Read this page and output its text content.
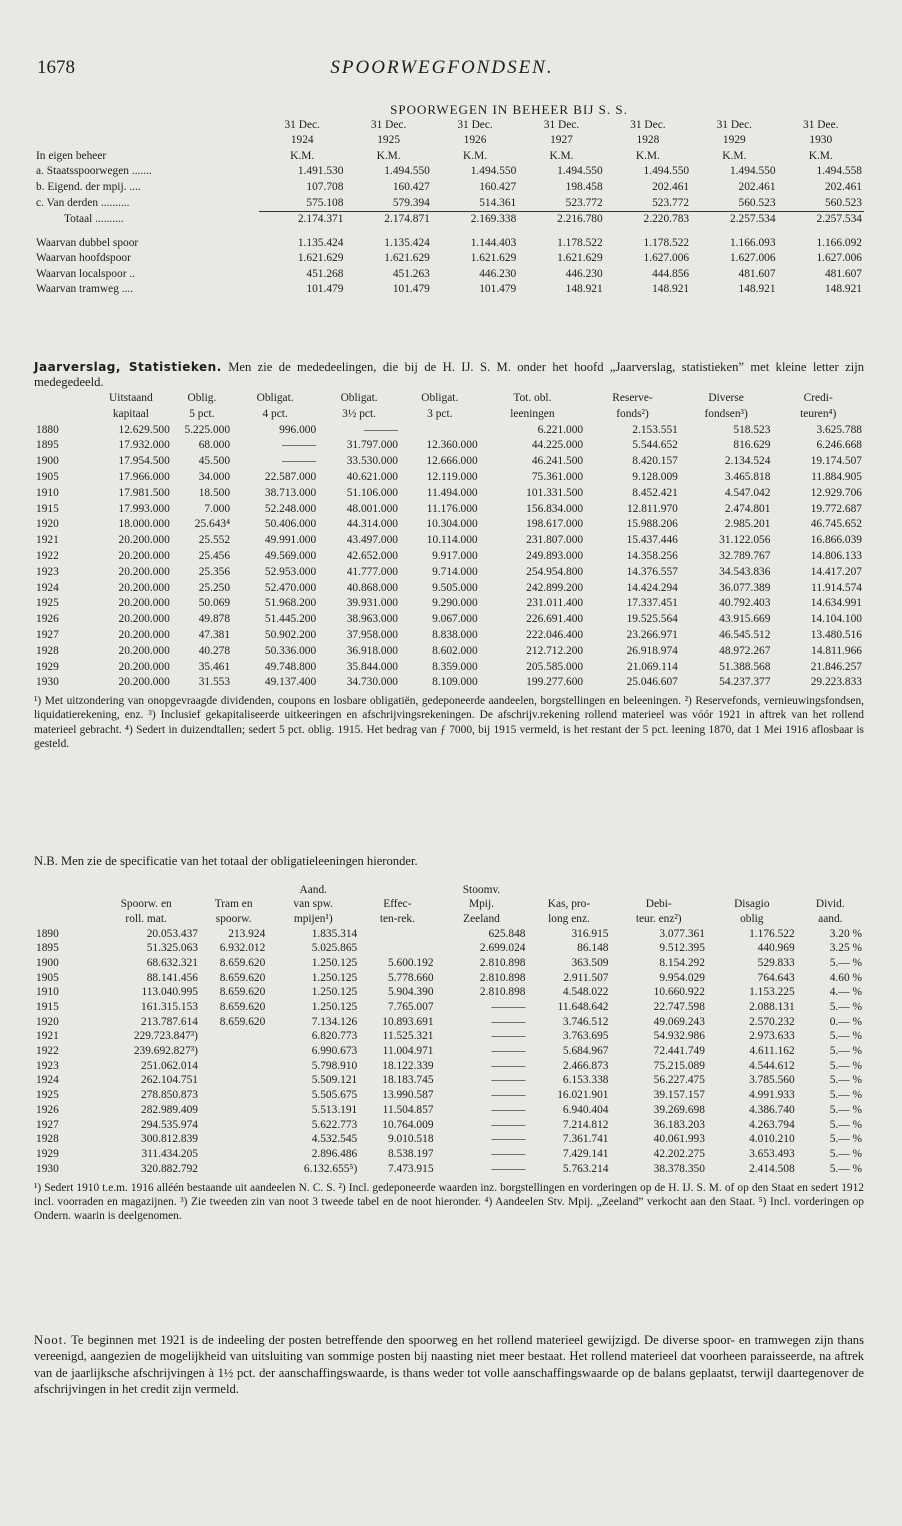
1678	SPOORWEGFONDSEN.
SPOORWEGEN IN BEHEER BIJ S. S.
	31 Dec.	31 Dec.	31 Dec.	31 Dec.	31 Dec.	31 Dec.	31 Dee.
	1924	1925	1926	1927	1928	1929	1930
In eigen beheer	K.M.	K.M.	K.M.	K.M.	K.M.	K.M.	K.M.
a. Staatsspoorwegen .......	1.491.530	1.494.550	1.494.550	1.494.550	1.494.550	1.494.550	1.494.558
b. Eigend. der mpij. ....	107.708	160.427	160.427	198.458	202.461	202.461	202.461
c. Van derden ..........	575.108	579.394	514.361	523.772	523.772	560.523	560.523
Totaal ..........	2.174.371	2.174.871	2.169.338	2.216.780	2.220.783	2.257.534	2.257.534

Waarvan dubbel spoor	1.135.424	1.135.424	1.144.403	1.178.522	1.178.522	1.166.093	1.166.092
Waarvan hoofdspoor	1.621.629	1.621.629	1.621.629	1.621.629	1.627.006	1.627.006	1.627.006
Waarvan localspoor ..	451.268	451.263	446.230	446.230	444.856	481.607	481.607
Waarvan tramweg ....	101.479	101.479	101.479	148.921	148.921	148.921	148.921
Jaarverslag, Statistieken. Men zie de mededeelingen, die bij de H. IJ. S. M. onder het hoofd „Jaarverslag, statistieken” met kleine letter zijn medegedeeld.
	Uitstaand	Oblig.	Obligat.	Obligat.	Obligat.	Tot. obl.	Reserve-	Diverse	Credi-
	kapitaal	5 pct.	4 pct.	3½ pct.	3 pct.	leeningen	fonds²)	fondsen³)	teuren⁴)
1880	12.629.500	5.225.000	996.000	———		6.221.000	2.153.551	518.523	3.625.788
1895	17.932.000	68.000	———	31.797.000	12.360.000	44.225.000	5.544.652	816.629	6.246.668
1900	17.954.500	45.500	———	33.530.000	12.666.000	46.241.500	8.420.157	2.134.524	19.174.507
1905	17.966.000	34.000	22.587.000	40.621.000	12.119.000	75.361.000	9.128.009	3.465.818	11.884.905
1910	17.981.500	18.500	38.713.000	51.106.000	11.494.000	101.331.500	8.452.421	4.547.042	12.929.706
1915	17.993.000	7.000	52.248.000	48.001.000	11.176.000	156.834.000	12.811.970	2.474.801	19.772.687
1920	18.000.000	25.643⁴	50.406.000	44.314.000	10.304.000	198.617.000	15.988.206	2.985.201	46.745.652
1921	20.200.000	25.552	49.991.000	43.497.000	10.114.000	231.807.000	15.437.446	31.122.056	16.866.039
1922	20.200.000	25.456	49.569.000	42.652.000	9.917.000	249.893.000	14.358.256	32.789.767	14.806.133
1923	20.200.000	25.356	52.953.000	41.777.000	9.714.000	254.954.800	14.376.557	34.543.836	14.417.207
1924	20.200.000	25.250	52.470.000	40.868.000	9.505.000	242.899.200	14.424.294	36.077.389	11.914.574
1925	20.200.000	50.069	51.968.200	39.931.000	9.290.000	231.011.400	17.337.451	40.792.403	14.634.991
1926	20.200.000	49.878	51.445.200	38.963.000	9.067.000	226.691.400	19.525.564	43.915.669	14.104.100
1927	20.200.000	47.381	50.902.200	37.958.000	8.838.000	222.046.400	23.266.971	46.545.512	13.480.516
1928	20.200.000	40.278	50.336.000	36.918.000	8.602.000	212.712.200	26.918.974	48.972.267	14.811.966
1929	20.200.000	35.461	49.748.800	35.844.000	8.359.000	205.585.000	21.069.114	51.388.568	21.846.257
1930	20.200.000	31.553	49.137.400	34.730.000	8.109.000	199.277.600	25.046.607	54.237.377	29.223.833

¹) Met uitzondering van onopgevraagde dividenden, coupons en losbare obligatiën, gedeponeerde aandeelen, borgstellingen en beleeningen. ²) Reservefonds, vernieuwingsfondsen, liquidatierekening, enz. ³) Inclusief gekapitaliseerde uitkeeringen en afschrijvingsrekeningen. De afschrijv.rekening rollend materieel was vóór 1921 in aftrek van het rollend materieel gebracht. ⁴) Sedert in duizendtallen; sedert 5 pct. oblig. 1915. Het bedrag van ƒ 7000, bij 1915 vermeld, is het restant der 5 pct. leening 1870, dat 1 Mei 1916 aflosbaar is gesteld.

N.B. Men zie de specificatie van het totaal der obligatieleeningen hieronder.
			Aand.		Stoomv.				
	Spoorw. en	Tram en	van spw.	Effec-	Mpij.	Kas, pro-	Debi-	Disagio	Divid.
	roll. mat.	spoorw.	mpijen¹)	ten-rek.	Zeeland	long enz.	teur. enz²)	oblig	aand.
1890	20.053.437	213.924	1.835.314		625.848	316.915	3.077.361	1.176.522	3.20 %
1895	51.325.063	6.932.012	5.025.865		2.699.024	86.148	9.512.395	440.969	3.25 %
1900	68.632.321	8.659.620	1.250.125	5.600.192	2.810.898	363.509	8.154.292	529.833	5.— %
1905	88.141.456	8.659.620	1.250.125	5.778.660	2.810.898	2.911.507	9.954.029	764.643	4.60 %
1910	113.040.995	8.659.620	1.250.125	5.904.390	2.810.898	4.548.022	10.660.922	1.153.225	4.— %
1915	161.315.153	8.659.620	1.250.125	7.765.007	———	11.648.642	22.747.598	2.088.131	5.— %
1920	213.787.614	8.659.620	7.134.126	10.893.691	———	3.746.512	49.069.243	2.570.232	0.— %
1921	229.723.847³)		6.820.773	11.525.321	———	3.763.695	54.932.986	2.973.633	5.— %
1922	239.692.827³)		6.990.673	11.004.971	———	5.684.967	72.441.749	4.611.162	5.— %
1923	251.062.014		5.798.910	18.122.339	———	2.466.873	75.215.089	4.544.612	5.— %
1924	262.104.751		5.509.121	18.183.745	———	6.153.338	56.227.475	3.785.560	5.— %
1925	278.850.873		5.505.675	13.990.587	———	16.021.901	39.157.157	4.991.933	5.— %
1926	282.989.409		5.513.191	11.504.857	———	6.940.404	39.269.698	4.386.740	5.— %
1927	294.535.974		5.622.773	10.764.009	———	7.214.812	36.183.203	4.263.794	5.— %
1928	300.812.839		4.532.545	9.010.518	———	7.361.741	40.061.993	4.010.210	5.— %
1929	311.434.205		2.896.486	8.538.197	———	7.429.141	42.202.275	3.653.493	5.— %
1930	320.882.792		6.132.655⁵)	7.473.915	———	5.763.214	38.378.350	2.414.508	5.— %

¹) Sedert 1910 t.e.m. 1916 alléén bestaande uit aandeelen N. C. S. ²) Incl. gedeponeerde waarden inz. borgstellingen en vorderingen op de H. IJ. S. M. of op den Staat en sedert 1912 incl. voorraden en magazijnen. ³) Zie tweeden zin van noot 3 tweede tabel en de noot hieronder. ⁴) Aandeelen Stv. Mpij. „Zeeland” verkocht aan den Staat. ⁵) Incl. vorderingen op Ondern. waarin is deelgenomen.

Noot. Te beginnen met 1921 is de indeeling der posten betreffende den spoorweg en het rollend materieel gewijzigd. De diverse spoor- en tramwegen zijn thans vereenigd, aangezien de mogelijkheid van uitsluiting van sommige posten bij naasting niet meer bestaat. Het rollend materieel dat voorheen paraisseerde, na aftrek van de jaarlijksche afschrijvingen à 1½ pct. der aanschaffingswaarde, is thans weder tot volle aanschaffingswaarde op de balans geplaatst, terwijl daartegenover de afschrijvingen in het credit zijn vermeld.
